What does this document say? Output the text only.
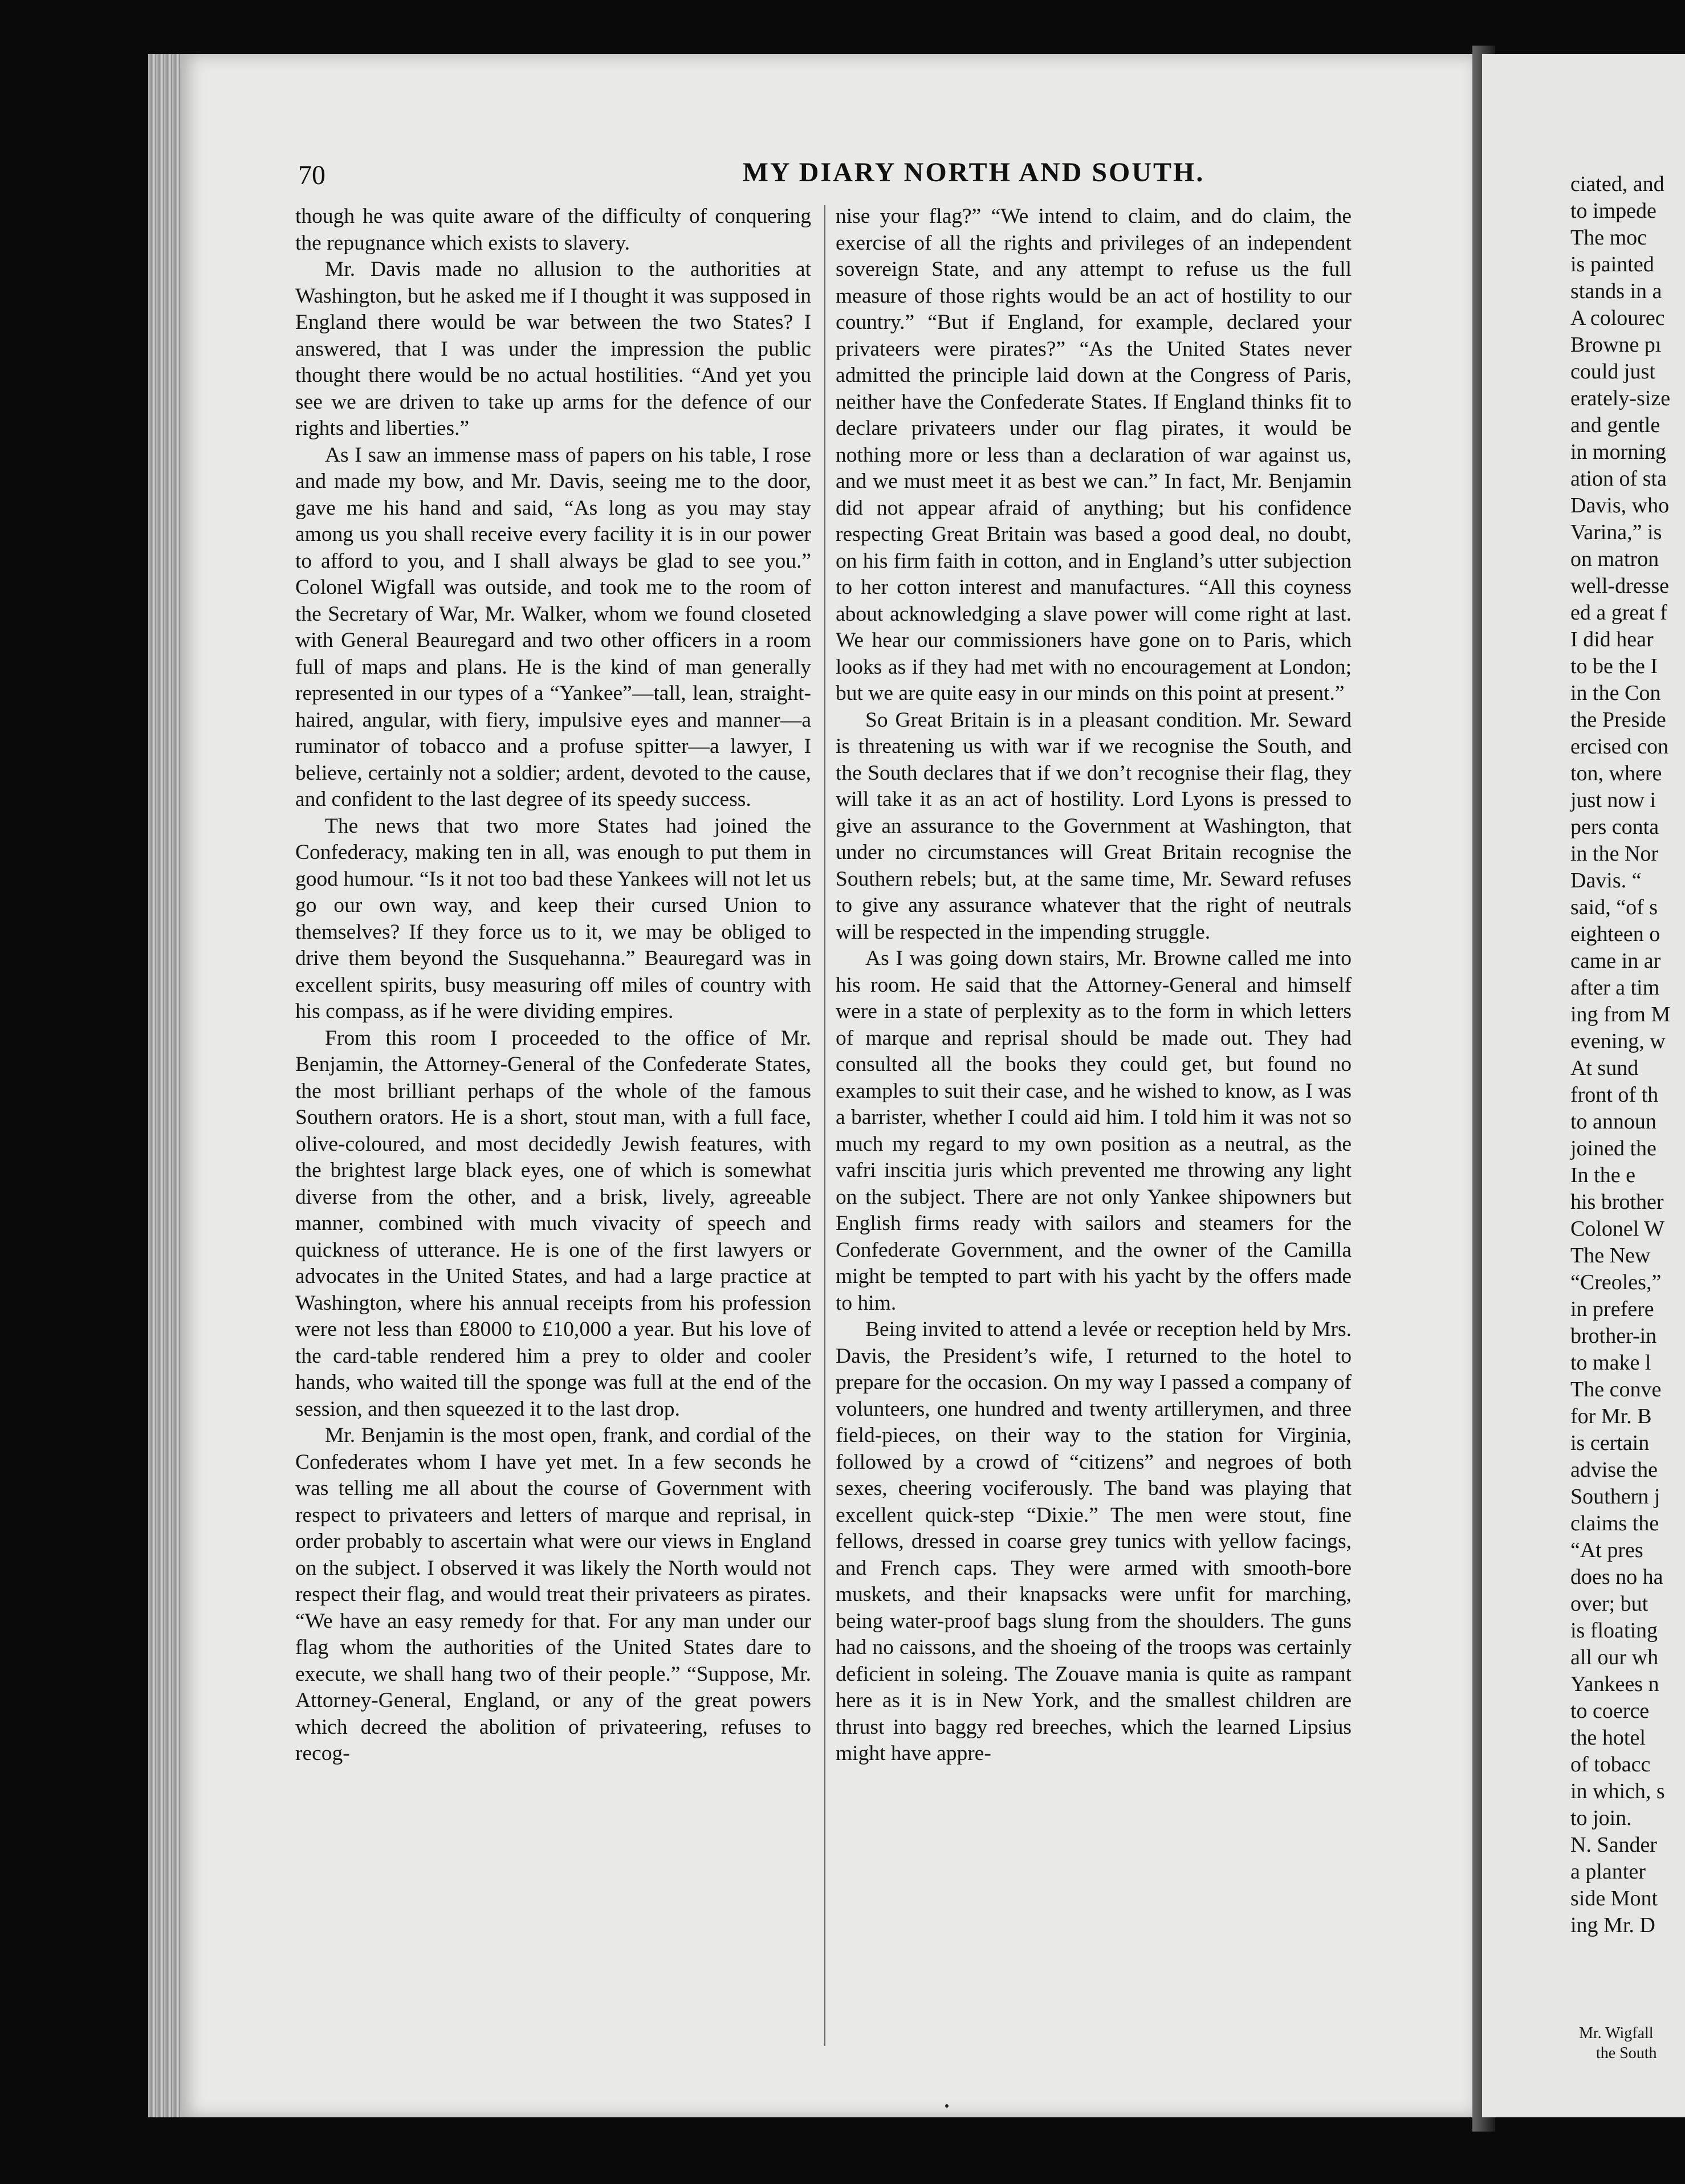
70	MY DIARY NORTH AND SOUTH.

though he was quite aware of the difficulty of conquering the repugnance which exists to slavery.

Mr. Davis made no allusion to the authorities at Washington, but he asked me if I thought it was supposed in England there would be war between the two States? I answered, that I was under the impression the public thought there would be no actual hostilities. “And yet you see we are driven to take up arms for the defence of our rights and liberties.”

As I saw an immense mass of papers on his table, I rose and made my bow, and Mr. Davis, seeing me to the door, gave me his hand and said, “As long as you may stay among us you shall receive every facility it is in our power to afford to you, and I shall always be glad to see you.” Colonel Wigfall was outside, and took me to the room of the Secretary of War, Mr. Walker, whom we found closeted with General Beauregard and two other officers in a room full of maps and plans. He is the kind of man generally represented in our types of a “Yankee”—tall, lean, straight-haired, angular, with fiery, impulsive eyes and manner—a ruminator of tobacco and a profuse spitter—a lawyer, I believe, certainly not a soldier; ardent, devoted to the cause, and confident to the last degree of its speedy success.

The news that two more States had joined the Confederacy, making ten in all, was enough to put them in good humour. “Is it not too bad these Yankees will not let us go our own way, and keep their cursed Union to themselves? If they force us to it, we may be obliged to drive them beyond the Susquehanna.” Beauregard was in excellent spirits, busy measuring off miles of country with his compass, as if he were dividing empires.

From this room I proceeded to the office of Mr. Benjamin, the Attorney-General of the Confederate States, the most brilliant perhaps of the whole of the famous Southern orators. He is a short, stout man, with a full face, olive-coloured, and most decidedly Jewish features, with the brightest large black eyes, one of which is somewhat diverse from the other, and a brisk, lively, agreeable manner, combined with much vivacity of speech and quickness of utterance. He is one of the first lawyers or advocates in the United States, and had a large practice at Washington, where his annual receipts from his profession were not less than £8000 to £10,000 a year. But his love of the card-table rendered him a prey to older and cooler hands, who waited till the sponge was full at the end of the session, and then squeezed it to the last drop.

Mr. Benjamin is the most open, frank, and cordial of the Confederates whom I have yet met. In a few seconds he was telling me all about the course of Government with respect to privateers and letters of marque and reprisal, in order probably to ascertain what were our views in England on the subject. I observed it was likely the North would not respect their flag, and would treat their privateers as pirates. “We have an easy remedy for that. For any man under our flag whom the authorities of the United States dare to execute, we shall hang two of their people.” “Suppose, Mr. Attorney-General, England, or any of the great powers which decreed the abolition of privateering, refuses to recog-

nise your flag?” “We intend to claim, and do claim, the exercise of all the rights and privileges of an independent sovereign State, and any attempt to refuse us the full measure of those rights would be an act of hostility to our country.” “But if England, for example, declared your privateers were pirates?” “As the United States never admitted the principle laid down at the Congress of Paris, neither have the Confederate States. If England thinks fit to declare privateers under our flag pirates, it would be nothing more or less than a declaration of war against us, and we must meet it as best we can.” In fact, Mr. Benjamin did not appear afraid of anything; but his confidence respecting Great Britain was based a good deal, no doubt, on his firm faith in cotton, and in England’s utter subjection to her cotton interest and manufactures. “All this coyness about acknowledging a slave power will come right at last. We hear our commissioners have gone on to Paris, which looks as if they had met with no encouragement at London; but we are quite easy in our minds on this point at present.”

So Great Britain is in a pleasant condition. Mr. Seward is threatening us with war if we recognise the South, and the South declares that if we don’t recognise their flag, they will take it as an act of hostility. Lord Lyons is pressed to give an assurance to the Government at Washington, that under no circumstances will Great Britain recognise the Southern rebels; but, at the same time, Mr. Seward refuses to give any assurance whatever that the right of neutrals will be respected in the impending struggle.

As I was going down stairs, Mr. Browne called me into his room. He said that the Attorney-General and himself were in a state of perplexity as to the form in which letters of marque and reprisal should be made out. They had consulted all the books they could get, but found no examples to suit their case, and he wished to know, as I was a barrister, whether I could aid him. I told him it was not so much my regard to my own position as a neutral, as the vafri inscitia juris which prevented me throwing any light on the subject. There are not only Yankee shipowners but English firms ready with sailors and steamers for the Confederate Government, and the owner of the Camilla might be tempted to part with his yacht by the offers made to him.

Being invited to attend a levée or reception held by Mrs. Davis, the President’s wife, I returned to the hotel to prepare for the occasion. On my way I passed a company of volunteers, one hundred and twenty artillerymen, and three field-pieces, on their way to the station for Virginia, followed by a crowd of “citizens” and negroes of both sexes, cheering vociferously. The band was playing that excellent quick-step “Dixie.” The men were stout, fine fellows, dressed in coarse grey tunics with yellow facings, and French caps. They were armed with smooth-bore muskets, and their knapsacks were unfit for marching, being water-proof bags slung from the shoulders. The guns had no caissons, and the shoeing of the troops was certainly deficient in soleing. The Zouave mania is quite as rampant here as it is in New York, and the smallest children are thrust into baggy red breeches, which the learned Lipsius might have appre-

ciated, and
to impede
The moc
is painted
stands in a
A colourec
Browne pı
could just
erately-size
and gentle
in morning
ation of sta
Davis, who
Varina,” is
on matron
well-dresse
ed a great f
I did hear
to be the I
in the Con
the Preside
ercised con
ton, where
just now i
pers conta
in the Nor
Davis. “
said, “of s
eighteen o
came in ar
after a tim
ing from M
evening, w
At sund
front of th
to announ
joined the
In the e
his brother
Colonel W
The New
“Creoles,”
in prefere
brother-in
to make l
The conve
for Mr. B
is certain
advise the
Southern j
claims the
“At pres
does no ha
over; but
is floating
all our wh
Yankees n
to coerce
the hotel
of tobacc
in which, s
to join.
N. Sander
a planter
side Mont
ing Mr. D
Mr. Wigfall
the South
